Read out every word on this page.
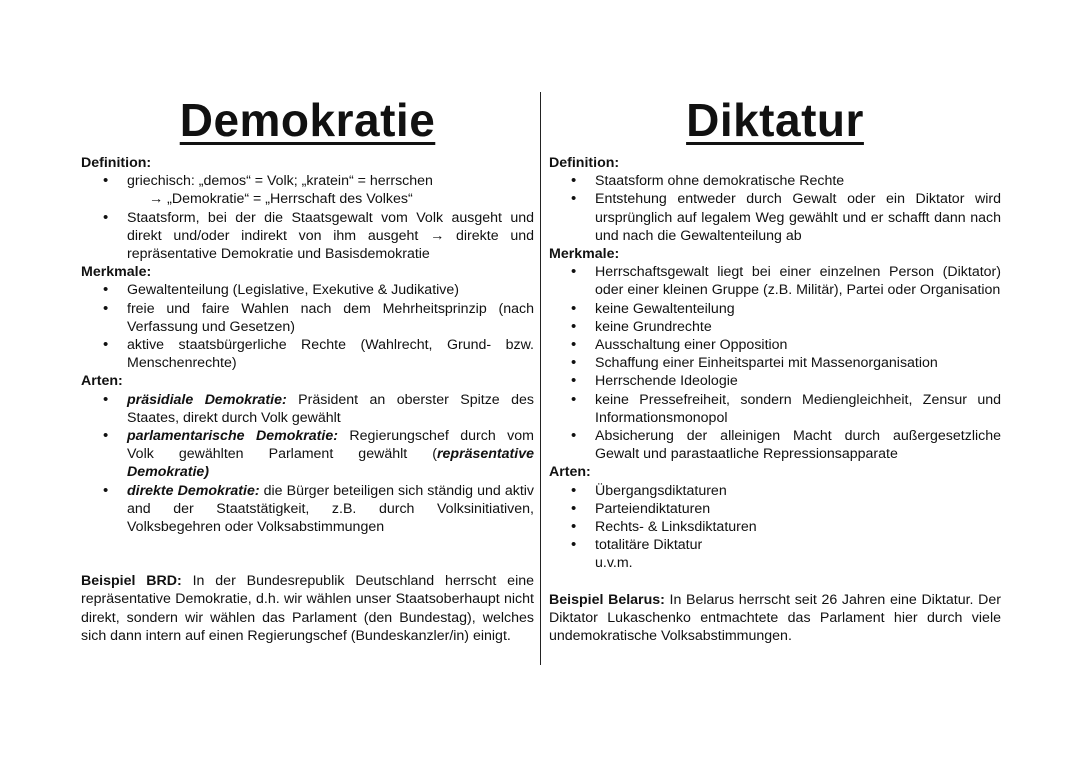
Demokratie
Definition:
• griechisch: „demos“ = Volk; „kratein“ = herrschen
→ „Demokratie“ = „Herrschaft des Volkes“
• Staatsform, bei der die Staatsgewalt vom Volk ausgeht und direkt und/oder indirekt von ihm ausgeht → direkte und repräsentative Demokratie und Basisdemokratie
Merkmale:
• Gewaltenteilung (Legislative, Exekutive & Judikative)
• freie und faire Wahlen nach dem Mehrheitsprinzip (nach Verfassung und Gesetzen)
• aktive staatsbürgerliche Rechte (Wahlrecht, Grund- bzw. Menschenrechte)
Arten:
• präsidiale Demokratie: Präsident an oberster Spitze des Staates, direkt durch Volk gewählt
• parlamentarische Demokratie: Regierungschef durch vom Volk gewählten Parlament gewählt (repräsentative Demokratie)
• direkte Demokratie: die Bürger beteiligen sich ständig und aktiv and der Staatstätigkeit, z.B. durch Volksinitiativen, Volksbegehren oder Volksabstimmungen
Beispiel BRD: In der Bundesrepublik Deutschland herrscht eine repräsentative Demokratie, d.h. wir wählen unser Staatsoberhaupt nicht direkt, sondern wir wählen das Parlament (den Bundestag), welches sich dann intern auf einen Regierungschef (Bundeskanzler/in) einigt.
Diktatur
Definition:
• Staatsform ohne demokratische Rechte
• Entstehung entweder durch Gewalt oder ein Diktator wird ursprünglich auf legalem Weg gewählt und er schafft dann nach und nach die Gewaltenteilung ab
Merkmale:
• Herrschaftsgewalt liegt bei einer einzelnen Person (Diktator) oder einer kleinen Gruppe (z.B. Militär), Partei oder Organisation
• keine Gewaltenteilung
• keine Grundrechte
• Ausschaltung einer Opposition
• Schaffung einer Einheitspartei mit Massenorganisation
• Herrschende Ideologie
• keine Pressefreiheit, sondern Mediengleichheit, Zensur und Informationsmonopol
• Absicherung der alleinigen Macht durch außergesetzliche Gewalt und parastaatliche Repressionsapparate
Arten:
• Übergangsdiktaturen
• Parteiendiktaturen
• Rechts- & Linksdiktaturen
• totalitäre Diktatur
u.v.m.
Beispiel Belarus: In Belarus herrscht seit 26 Jahren eine Diktatur. Der Diktator Lukaschenko entmachtete das Parlament hier durch viele undemokratische Volksabstimmungen.
